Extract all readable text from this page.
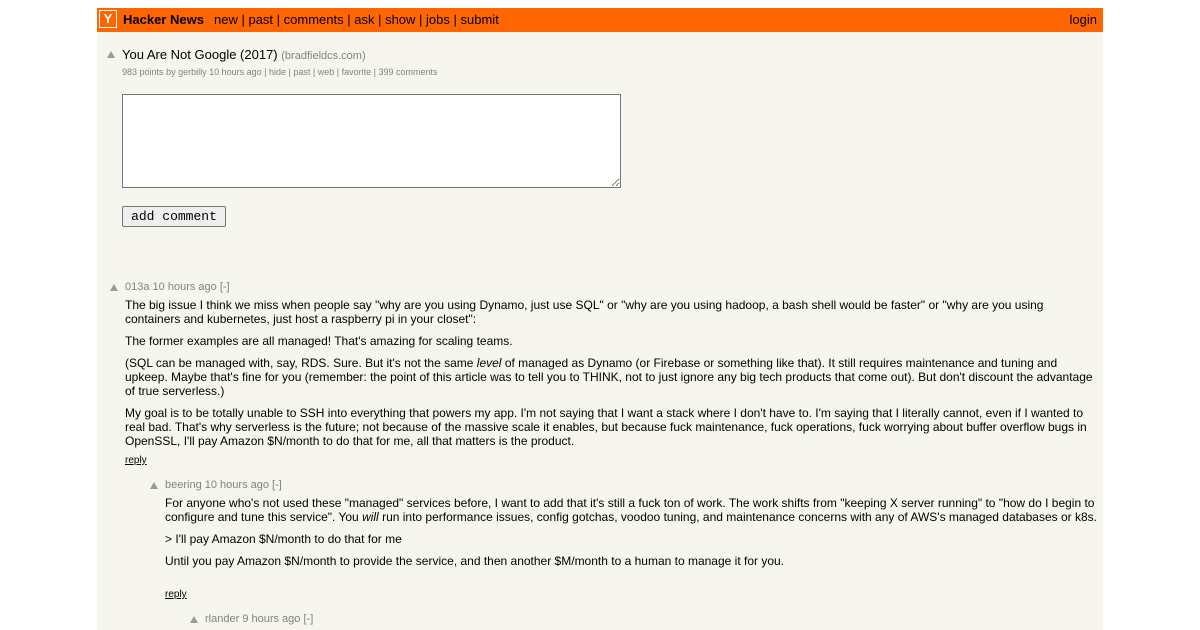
Y Hacker News new | past | comments | ask | show | jobs | submit	login
You Are Not Google (2017) (bradfieldcs.com)
983 points by gerbilly 10 hours ago | hide | past | web | favorite | 399 comments
add comment
013a 10 hours ago [-]

The big issue I think we miss when people say "why are you using Dynamo, just use SQL" or "why are you using hadoop, a bash shell would be faster" or "why are you using containers and kubernetes, just host a raspberry pi in your closet":

The former examples are all managed! That's amazing for scaling teams.

(SQL can be managed with, say, RDS. Sure. But it's not the same level of managed as Dynamo (or Firebase or something like that). It still requires maintenance and tuning and upkeep. Maybe that's fine for you (remember: the point of this article was to tell you to THINK, not to just ignore any big tech products that come out). But don't discount the advantage of true serverless.)

My goal is to be totally unable to SSH into everything that powers my app. I'm not saying that I want a stack where I don't have to. I'm saying that I literally cannot, even if I wanted to real bad. That's why serverless is the future; not because of the massive scale it enables, but because fuck maintenance, fuck operations, fuck worrying about buffer overflow bugs in OpenSSL, I'll pay Amazon $N/month to do that for me, all that matters is the product.

reply
beering 10 hours ago [-]

For anyone who's not used these "managed" services before, I want to add that it's still a fuck ton of work. The work shifts from "keeping X server running" to "how do I begin to configure and tune this service". You will run into performance issues, config gotchas, voodoo tuning, and maintenance concerns with any of AWS's managed databases or k8s.

> I'll pay Amazon $N/month to do that for me

Until you pay Amazon $N/month to provide the service, and then another $M/month to a human to manage it for you.

reply
rlander 9 hours ago [-]
